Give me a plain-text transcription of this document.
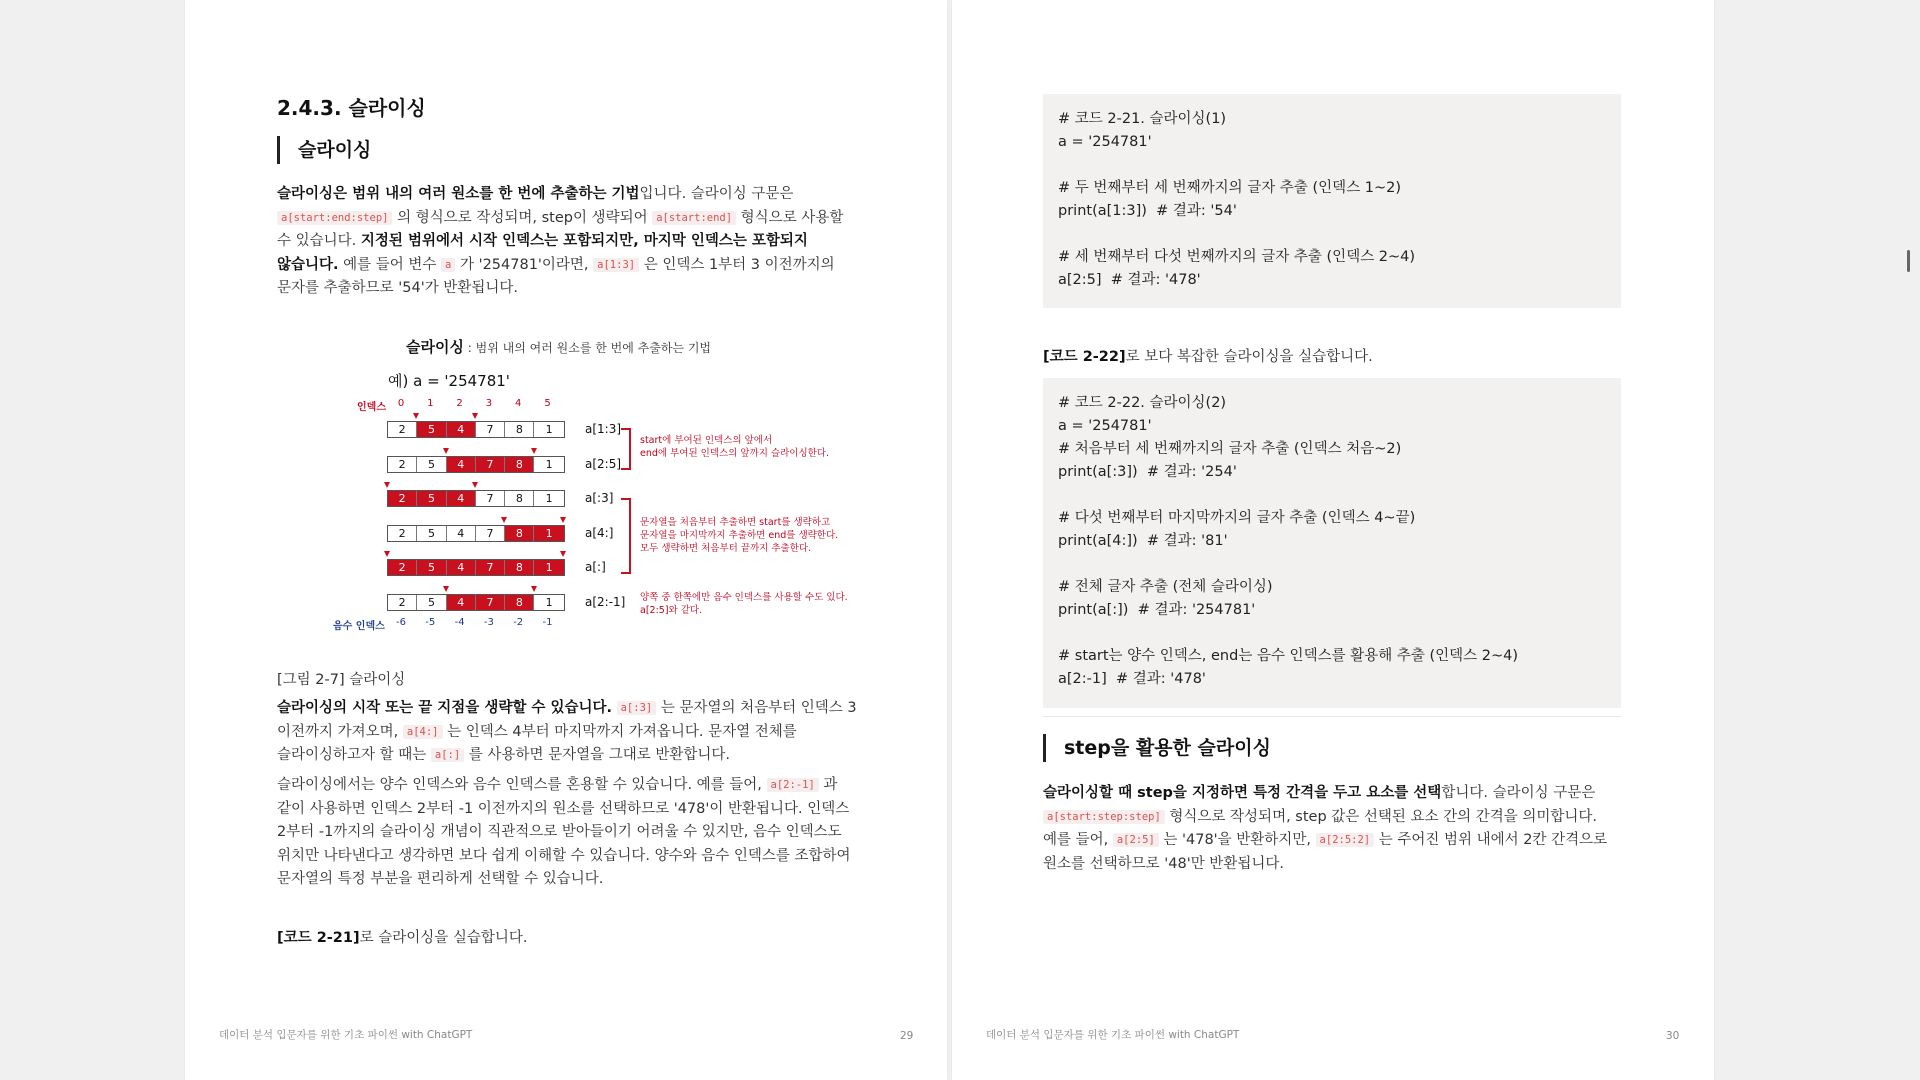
2.4.3. 슬라이싱
슬라이싱
슬라이싱은 범위 내의 여러 원소를 한 번에 추출하는 기법입니다. 슬라이싱 구문은 a[start:end:step] 의 형식으로 작성되며, step이 생략되어 a[start:end] 형식으로 사용할 수 있습니다. 지정된 범위에서 시작 인덱스는 포함되지만, 마지막 인덱스는 포함되지 않습니다. 예를 들어 변수 a 가 '254781'이라면, a[1:3] 은 인덱스 1부터 3 이전까지의 문자를 추출하므로 '54'가 반환됩니다.
슬라이싱 : 범위 내의 여러 원소를 한 번에 추출하는 기법
예) a = '254781'
인덱스	0	1	2	3	4	5
2	5	4	7	8	1	a[1:3]
2	5	4	7	8	1	a[2:5]
2	5	4	7	8	1	a[:3]
2	5	4	7	8	1	a[4:]
2	5	4	7	8	1	a[:]
2	5	4	7	8	1	a[2:-1]
음수 인덱스	-6	-5	-4	-3	-2	-1
start에 부여된 인덱스의 앞에서
end에 부여된 인덱스의 앞까지 슬라이싱한다.
문자열을 처음부터 추출하면 start를 생략하고
문자열을 마지막까지 추출하면 end를 생략한다.
모두 생략하면 처음부터 끝까지 추출한다.
양쪽 중 한쪽에만 음수 인덱스를 사용할 수도 있다.
a[2:5]와 같다.
[그림 2-7] 슬라이싱
슬라이싱의 시작 또는 끝 지점을 생략할 수 있습니다. a[:3] 는 문자열의 처음부터 인덱스 3 이전까지 가져오며, a[4:] 는 인덱스 4부터 마지막까지 가져옵니다. 문자열 전체를 슬라이싱하고자 할 때는 a[:] 를 사용하면 문자열을 그대로 반환합니다.
슬라이싱에서는 양수 인덱스와 음수 인덱스를 혼용할 수 있습니다. 예를 들어, a[2:-1] 과 같이 사용하면 인덱스 2부터 -1 이전까지의 원소를 선택하므로 '478'이 반환됩니다. 인덱스 2부터 -1까지의 슬라이싱 개념이 직관적으로 받아들이기 어려울 수 있지만, 음수 인덱스도 위치만 나타낸다고 생각하면 보다 쉽게 이해할 수 있습니다. 양수와 음수 인덱스를 조합하여 문자열의 특정 부분을 편리하게 선택할 수 있습니다.
[코드 2-21]로 슬라이싱을 실습합니다.
데이터 분석 입문자를 위한 기초 파이썬 with ChatGPT	29
# 코드 2-21. 슬라이싱(1)
a = '254781'
# 두 번째부터 세 번째까지의 글자 추출 (인덱스 1~2)
print(a[1:3])  # 결과: '54'
# 세 번째부터 다섯 번째까지의 글자 추출 (인덱스 2~4)
a[2:5]  # 결과: '478'
[코드 2-22]로 보다 복잡한 슬라이싱을 실습합니다.
# 코드 2-22. 슬라이싱(2)
a = '254781'
# 처음부터 세 번째까지의 글자 추출 (인덱스 처음~2)
print(a[:3])  # 결과: '254'
# 다섯 번째부터 마지막까지의 글자 추출 (인덱스 4~끝)
print(a[4:])  # 결과: '81'
# 전체 글자 추출 (전체 슬라이싱)
print(a[:])  # 결과: '254781'
# start는 양수 인덱스, end는 음수 인덱스를 활용해 추출 (인덱스 2~4)
a[2:-1]  # 결과: '478'
step을 활용한 슬라이싱
슬라이싱할 때 step을 지정하면 특정 간격을 두고 요소를 선택합니다. 슬라이싱 구문은 a[start:step:step] 형식으로 작성되며, step 값은 선택된 요소 간의 간격을 의미합니다. 예를 들어, a[2:5] 는 '478'을 반환하지만, a[2:5:2] 는 주어진 범위 내에서 2칸 간격으로 원소를 선택하므로 '48'만 반환됩니다.
데이터 분석 입문자를 위한 기초 파이썬 with ChatGPT	30
